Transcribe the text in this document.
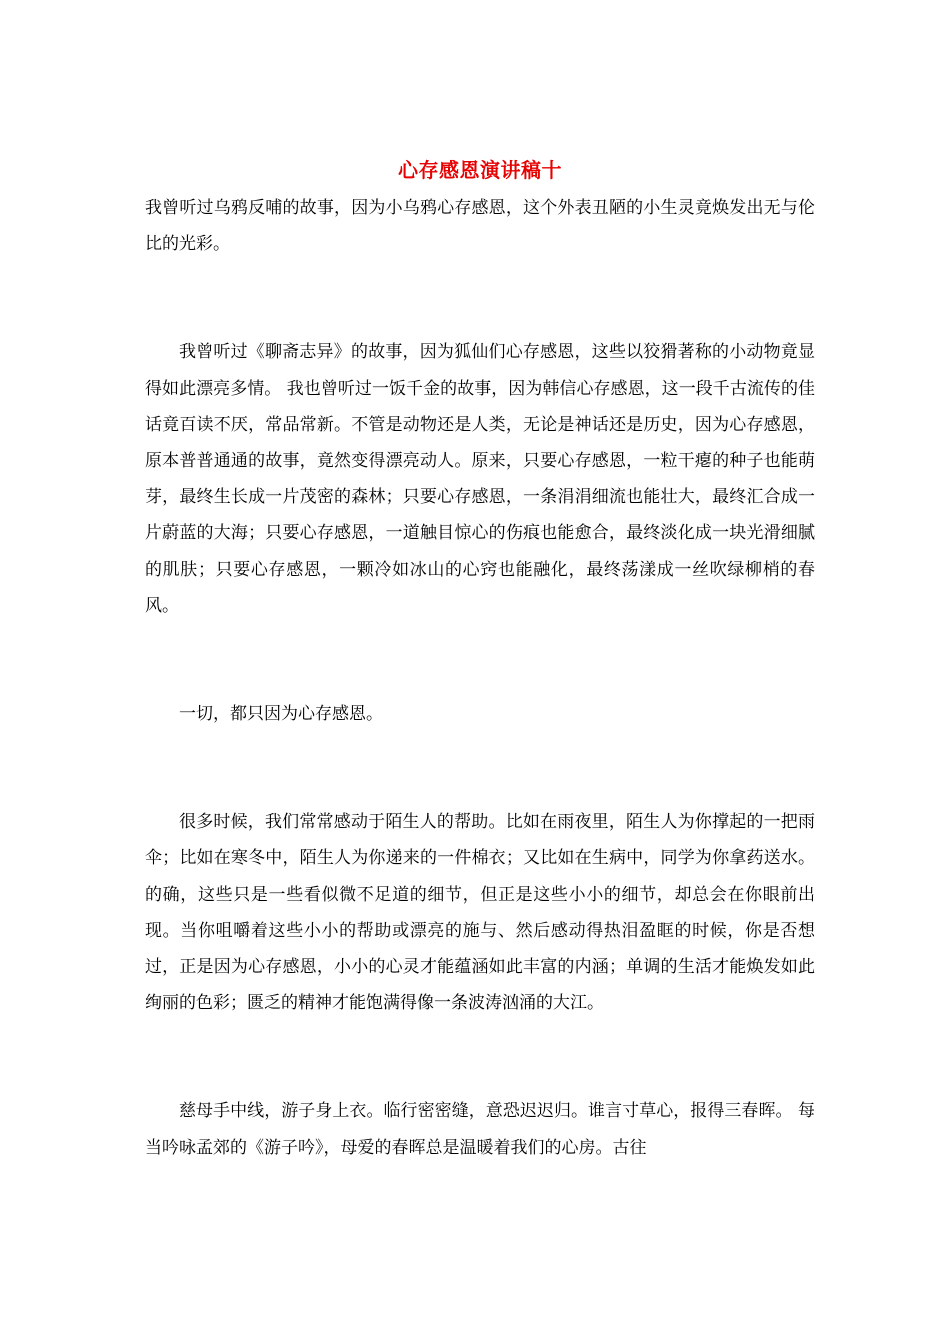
心存感恩演讲稿十

我曾听过乌鸦反哺的故事，因为小乌鸦心存感恩，这个外表丑陋的小生灵竟焕发出无与伦比的光彩。

我曾听过《聊斋志异》的故事，因为狐仙们心存感恩，这些以狡猾著称的小动物竟显得如此漂亮多情。 我也曾听过一饭千金的故事，因为韩信心存感恩，这一段千古流传的佳话竟百读不厌，常品常新。不管是动物还是人类，无论是神话还是历史，因为心存感恩，原本普普通通的故事，竟然变得漂亮动人。原来，只要心存感恩，一粒干瘪的种子也能萌芽，最终生长成一片茂密的森林；只要心存感恩，一条涓涓细流也能壮大，最终汇合成一片蔚蓝的大海；只要心存感恩，一道触目惊心的伤痕也能愈合，最终淡化成一块光滑细腻的肌肤；只要心存感恩，一颗冷如冰山的心窍也能融化，最终荡漾成一丝吹绿柳梢的春风。

一切，都只因为心存感恩。

很多时候，我们常常感动于陌生人的帮助。比如在雨夜里，陌生人为你撑起的一把雨伞；比如在寒冬中，陌生人为你递来的一件棉衣；又比如在生病中，同学为你拿药送水。的确，这些只是一些看似微不足道的细节，但正是这些小小的细节，却总会在你眼前出现。当你咀嚼着这些小小的帮助或漂亮的施与、然后感动得热泪盈眶的时候，你是否想过，正是因为心存感恩，小小的心灵才能蕴涵如此丰富的内涵；单调的生活才能焕发如此绚丽的色彩；匮乏的精神才能饱满得像一条波涛汹涌的大江。

慈母手中线，游子身上衣。临行密密缝，意恐迟迟归。谁言寸草心，报得三春晖。 每当吟咏孟郊的《游子吟》，母爱的春晖总是温暖着我们的心房。古往
